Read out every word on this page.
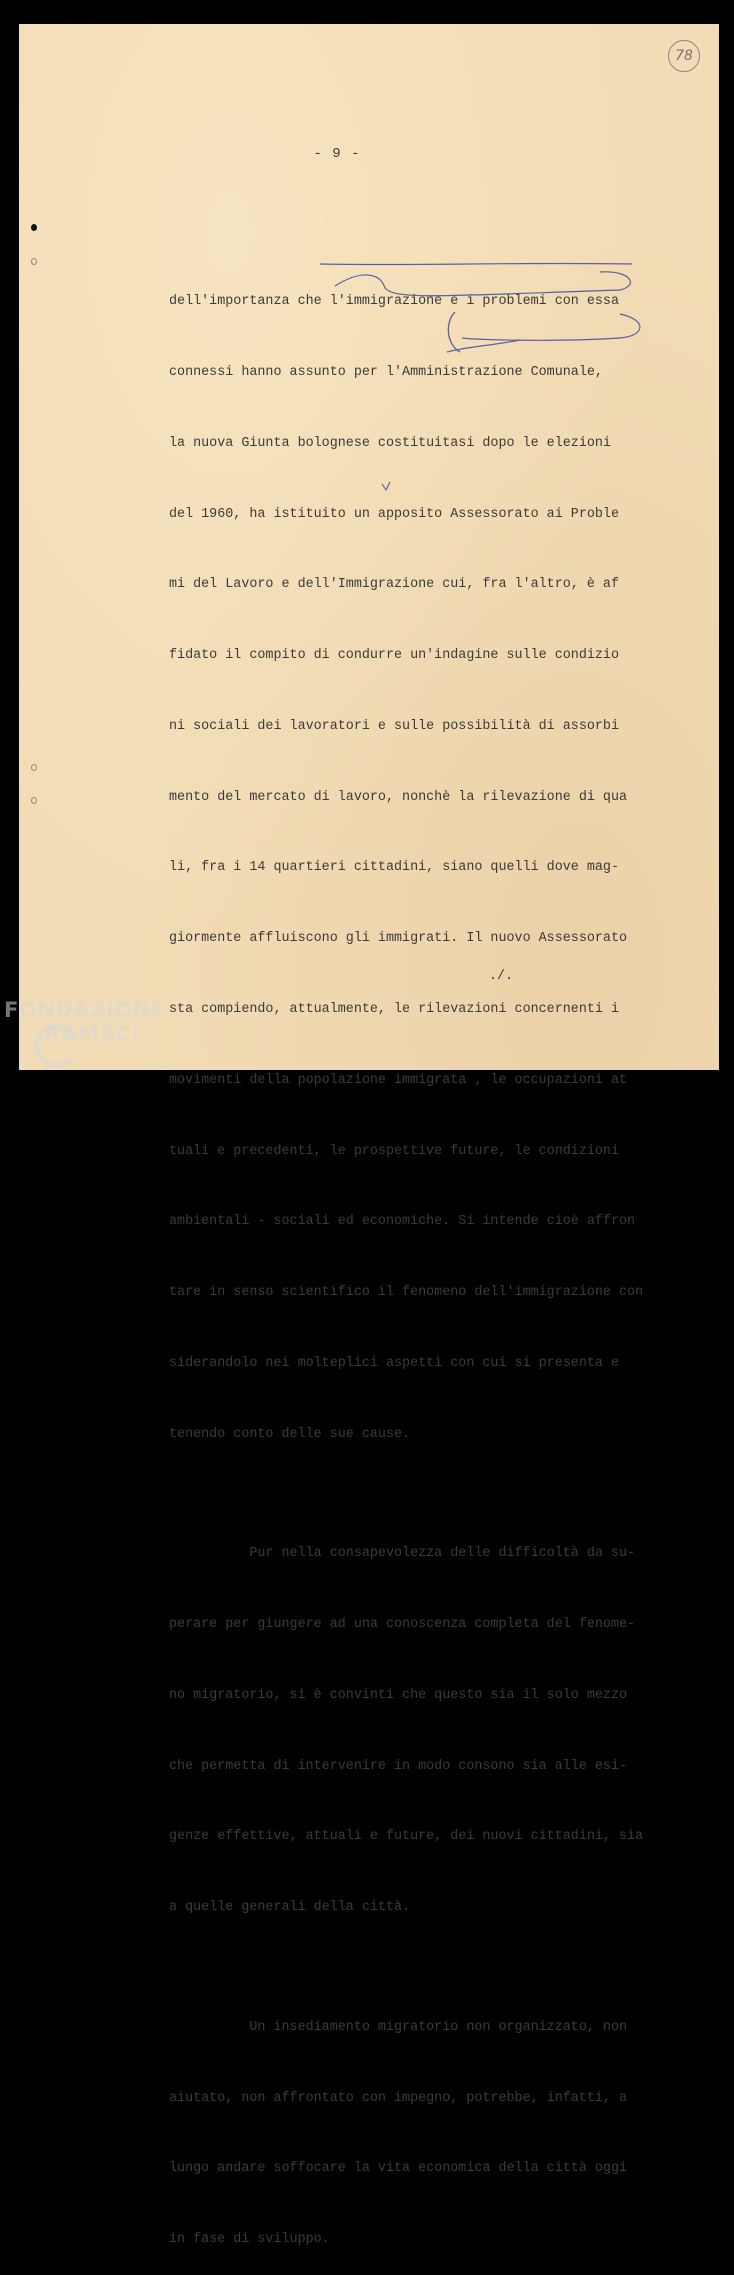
78
- 9 -

dell'importanza che l'immigrazione e i problemi con essa

connessi hanno assunto per l'Amministrazione Comunale,

la nuova Giunta bolognese costituitasi dopo le elezioni

del 1960, ha istituito un apposito Assessorato ai Proble

mi del Lavoro e dell'Immigrazione cui, fra l'altro, è af

fidato il compito di condurre un'indagine sulle condizio

ni sociali dei lavoratori e sulle possibilità di assorbi

mento del mercato di lavoro, nonchè la rilevazione di qua

li, fra i 14 quartieri cittadini, siano quelli dove mag-

giormente affluiscono gli immigrati. Il nuovo Assessorato

sta compiendo, attualmente, le rilevazioni concernenti i

movimenti della popolazione immigrata , le occupazioni at

tuali e precedenti, le prospettive future, le condizioni

ambientali - sociali ed economiche. Si intende cioè affron

tare in senso scientifico il fenomeno dell'immigrazione con

siderandolo nei molteplici aspetti con cui si presenta e

tenendo conto delle sue cause.

Pur nella consapevolezza delle difficoltà da su-

perare per giungere ad una conoscenza completa del fenome-

no migratorio, si è convinti che questo sia il solo mezzo

che permetta di intervenire in modo consono sia alle esi-

genze effettive, attuali e future, dei nuovi cittadini, sia

a quelle generali della città.

Un insediamento migratorio non organizzato, non

aiutato, non affrontato con impegno, potrebbe, infatti, a

lungo andare soffocare la vita economica della città oggi

in fase di sviluppo.

./.
FONDAZIONE
RAMSCI
onlus
